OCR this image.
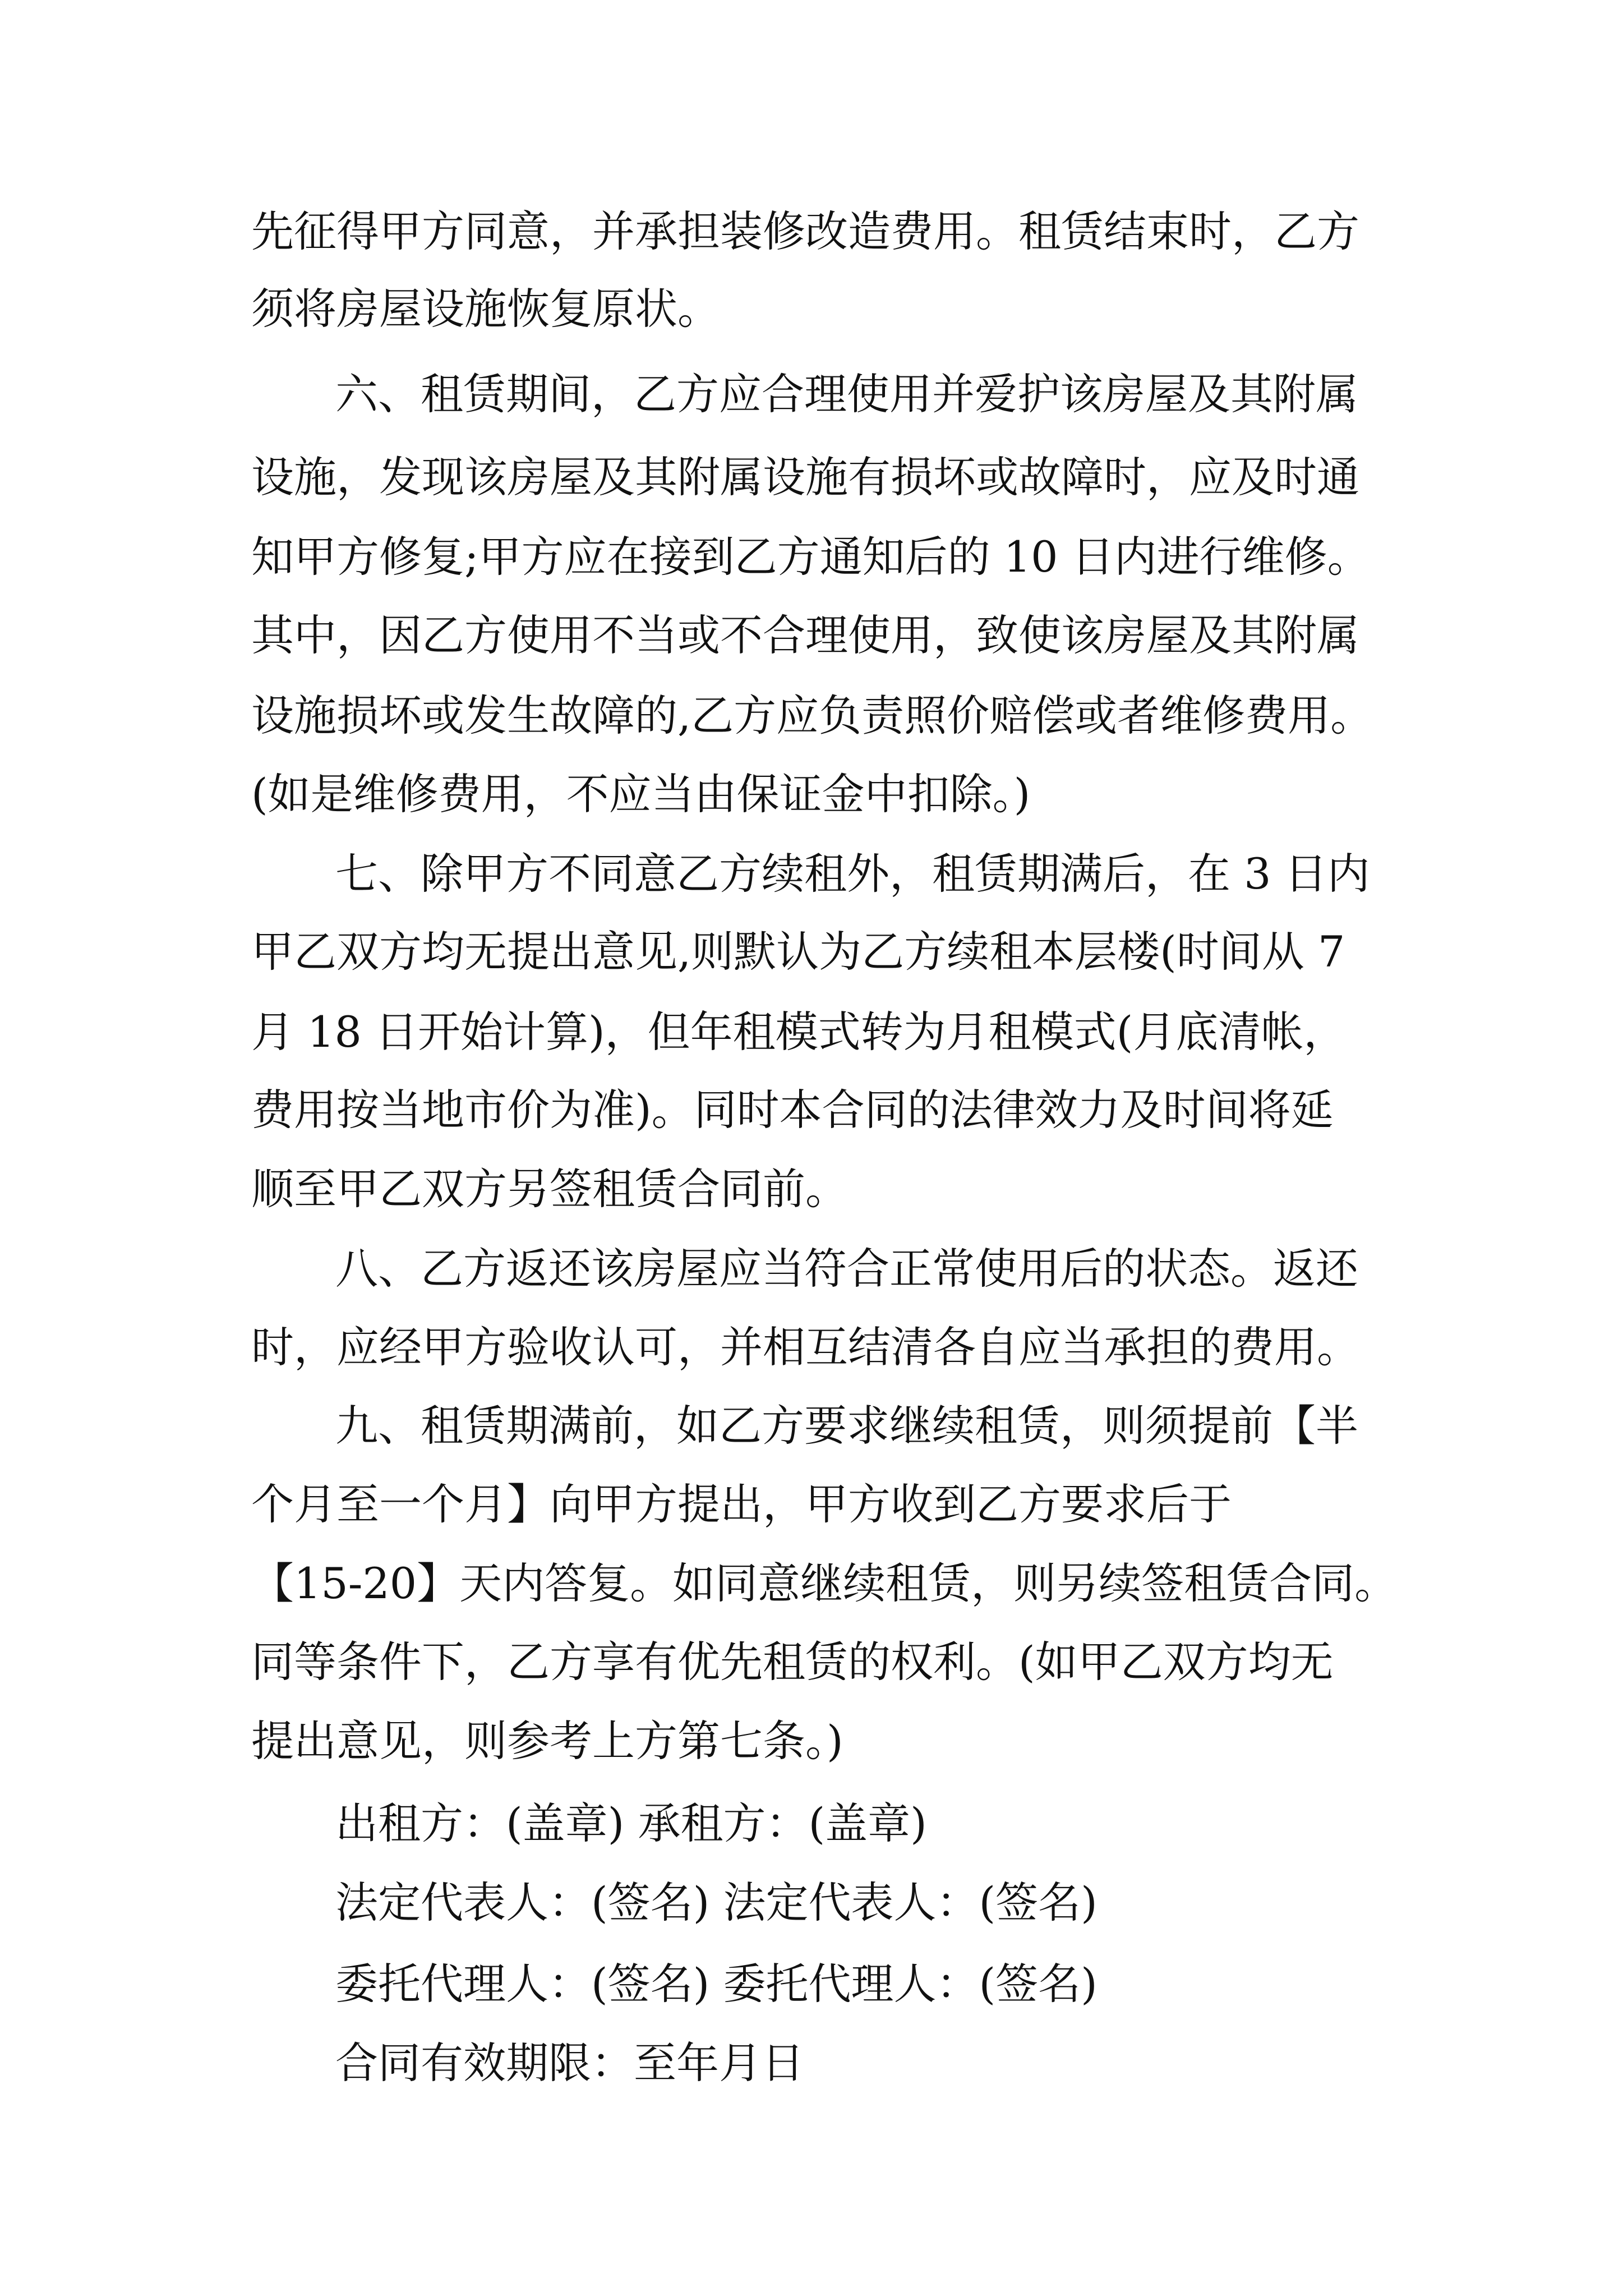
先征得甲方同意，并承担装修改造费用。租赁结束时，乙方
须将房屋设施恢复原状。
六、租赁期间，乙方应合理使用并爱护该房屋及其附属
设施，发现该房屋及其附属设施有损坏或故障时，应及时通
知甲方修复;甲方应在接到乙方通知后的 10 日内进行维修。
其中，因乙方使用不当或不合理使用，致使该房屋及其附属
设施损坏或发生故障的,乙方应负责照价赔偿或者维修费用。
(如是维修费用，不应当由保证金中扣除。)
七、除甲方不同意乙方续租外，租赁期满后，在 3 日内
甲乙双方均无提出意见,则默认为乙方续租本层楼(时间从 7
月 18 日开始计算)，但年租模式转为月租模式(月底清帐，
费用按当地市价为准)。同时本合同的法律效力及时间将延
顺至甲乙双方另签租赁合同前。
八、乙方返还该房屋应当符合正常使用后的状态。返还
时，应经甲方验收认可，并相互结清各自应当承担的费用。
九、租赁期满前，如乙方要求继续租赁，则须提前【半
个月至一个月】向甲方提出，甲方收到乙方要求后于
【15-20】天内答复。如同意继续租赁，则另续签租赁合同。
同等条件下，乙方享有优先租赁的权利。(如甲乙双方均无
提出意见，则参考上方第七条。)
出租方：(盖章) 承租方：(盖章)
法定代表人：(签名) 法定代表人：(签名)
委托代理人：(签名) 委托代理人：(签名)
合同有效期限：至年月日
